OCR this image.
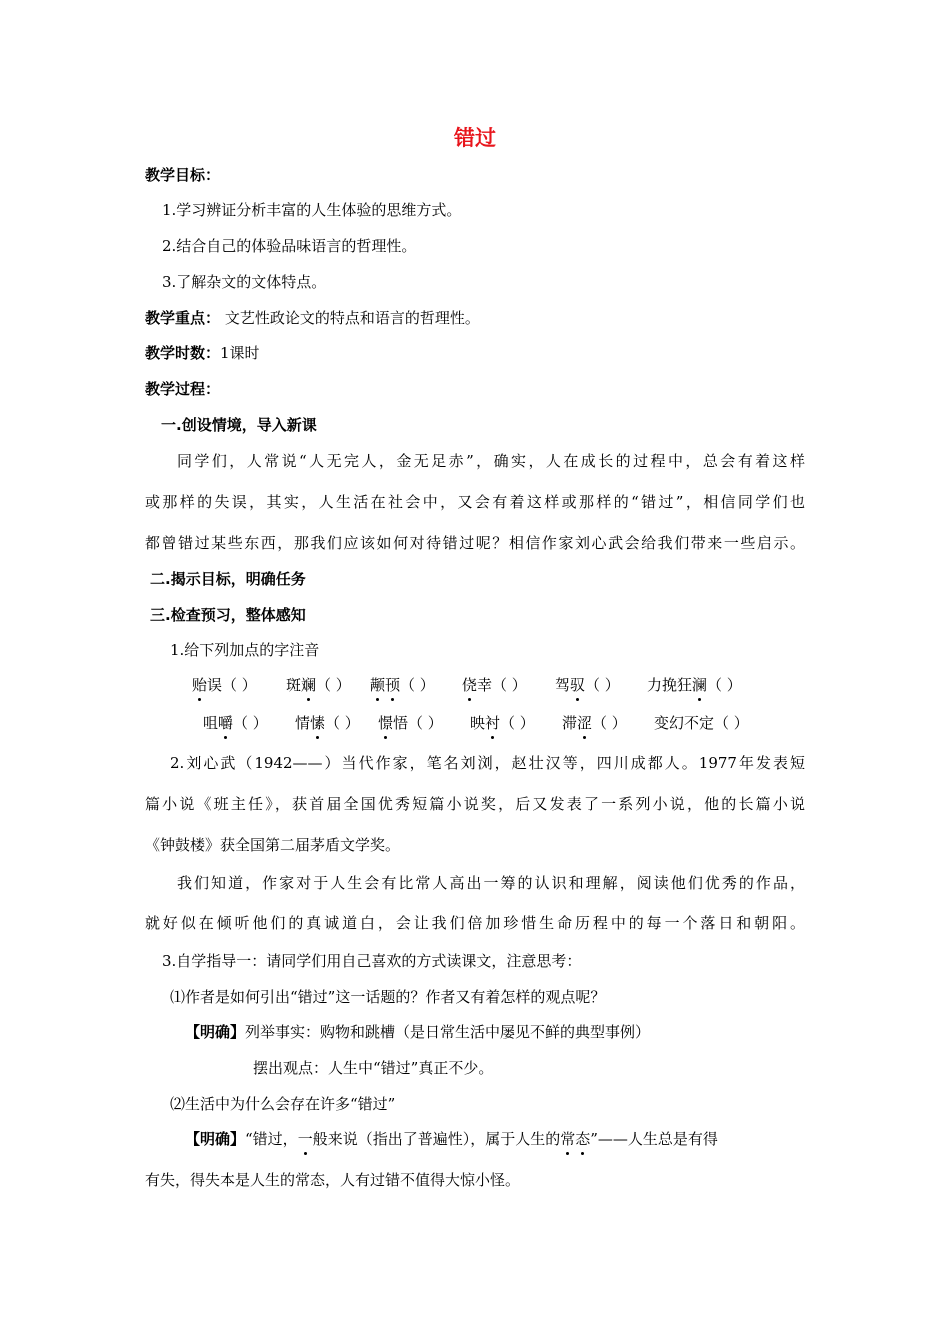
错过
教学目标：
1.学习辨证分析丰富的人生体验的思维方式。
2.结合自己的体验品味语言的哲理性。
3.了解杂文的文体特点。
教学重点： 文艺性政论文的特点和语言的哲理性。
教学时数：1课时
教学过程：
一.创设情境，导入新课
同学们，人常说“人无完人，金无足赤”，确实，人在成长的过程中，总会有着这样
或那样的失误，其实，人生活在社会中，又会有着这样或那样的“错过”，相信同学们也
都曾错过某些东西，那我们应该如何对待错过呢？相信作家刘心武会给我们带来一些启示。
二.揭示目标，明确任务
三.检查预习，整体感知
1.给下列加点的字注音
贻误（ ） 斑斓（ ） 颟顸（ ） 侥幸（ ） 驾驭（ ） 力挽狂澜（ ）
咀嚼（ ） 情愫（ ） 憬悟（ ） 映衬（ ） 滞涩（ ） 变幻不定（ ）
2.刘心武（1942——）当代作家，笔名刘浏，赵壮汉等，四川成都人。1977年发表短
篇小说《班主任》，获首届全国优秀短篇小说奖，后又发表了一系列小说，他的长篇小说
《钟鼓楼》获全国第二届茅盾文学奖。
我们知道，作家对于人生会有比常人高出一筹的认识和理解，阅读他们优秀的作品，
就好似在倾听他们的真诚道白，会让我们倍加珍惜生命历程中的每一个落日和朝阳。
3.自学指导一：请同学们用自己喜欢的方式读课文，注意思考：
⑴作者是如何引出“错过”这一话题的？作者又有着怎样的观点呢？
【明确】列举事实：购物和跳槽（是日常生活中屡见不鲜的典型事例）
摆出观点：人生中“错过”真正不少。
⑵生活中为什么会存在许多“错过”
【明确】“错过，一般来说（指出了普遍性），属于人生的常态”——人生总是有得
有失，得失本是人生的常态，人有过错不值得大惊小怪。
